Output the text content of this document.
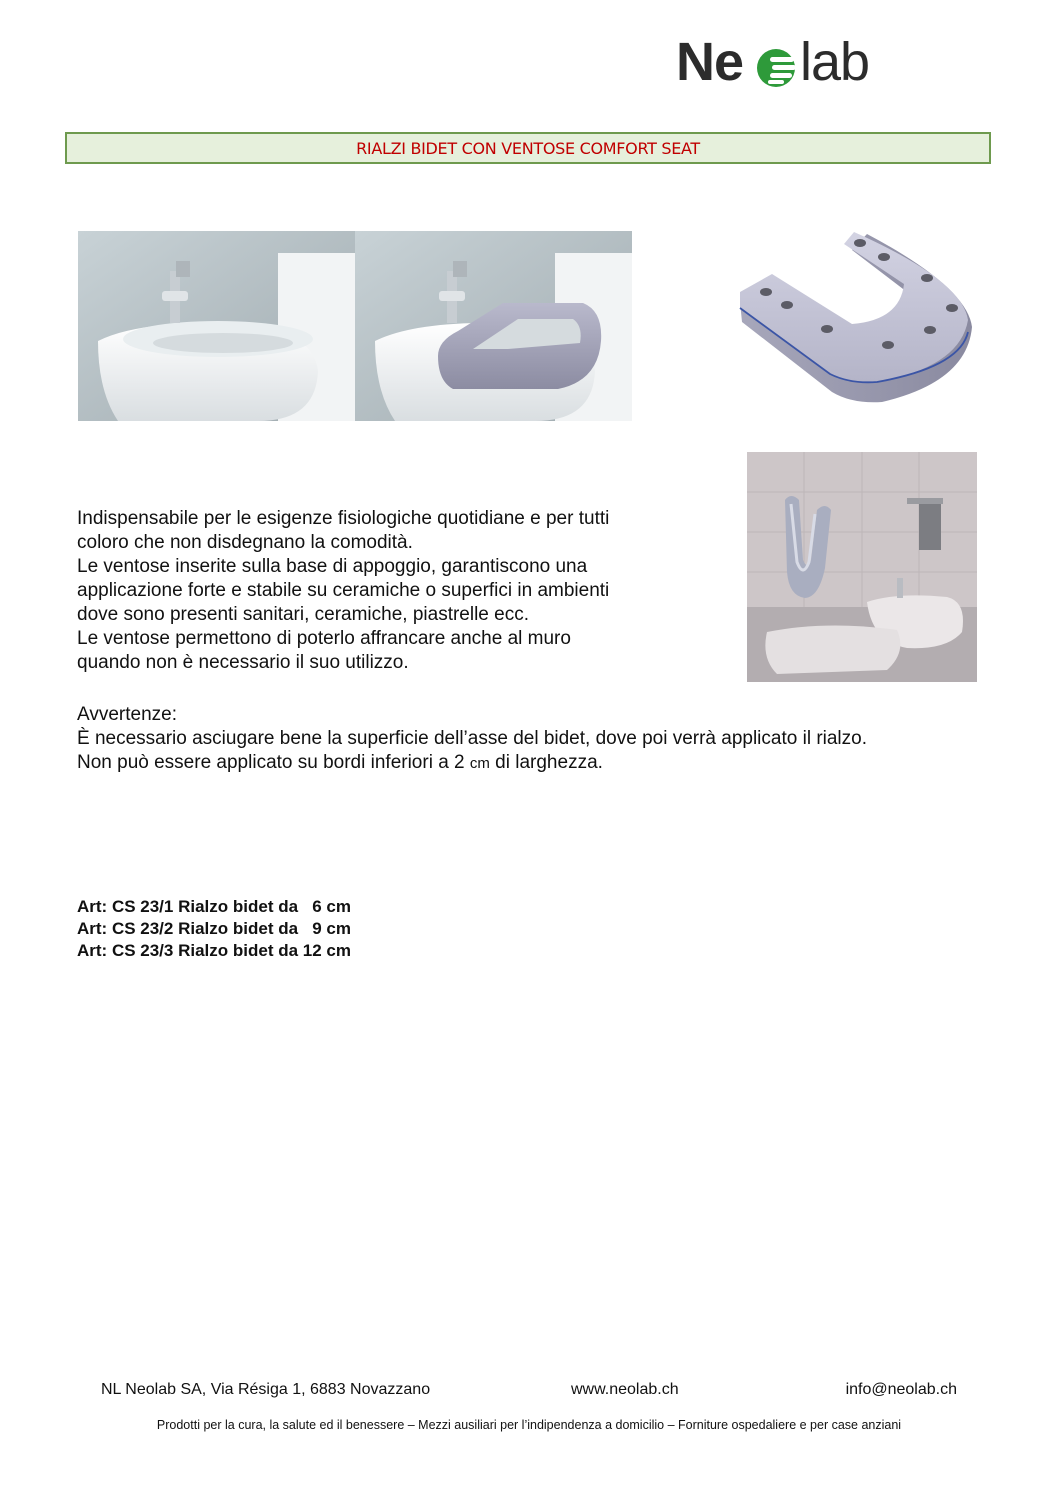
Ne lab
RIALZI BIDET CON VENTOSE COMFORT SEAT
Indispensabile per le esigenze fisiologiche quotidiane e per tutti
coloro che non disdegnano la comodità.
Le ventose inserite sulla base di appoggio, garantiscono una
applicazione forte e stabile su ceramiche o superfici in ambienti
dove sono presenti sanitari, ceramiche, piastrelle ecc.
Le ventose permettono di poterlo affrancare anche al muro
quando non è necessario il suo utilizzo.
Avvertenze:
È necessario asciugare bene la superficie dell’asse del bidet, dove poi verrà applicato il rialzo.
Non può essere applicato su bordi inferiori a 2 cm di larghezza.
Art: CS 23/1 Rialzo bidet da   6 cm
Art: CS 23/2 Rialzo bidet da   9 cm
Art: CS 23/3 Rialzo bidet da 12 cm
NL Neolab SA, Via Résiga 1, 6883 Novazzano	www.neolab.ch	info@neolab.ch
Prodotti per la cura, la salute ed il benessere – Mezzi ausiliari per l’indipendenza a domicilio – Forniture ospedaliere e per case anziani
